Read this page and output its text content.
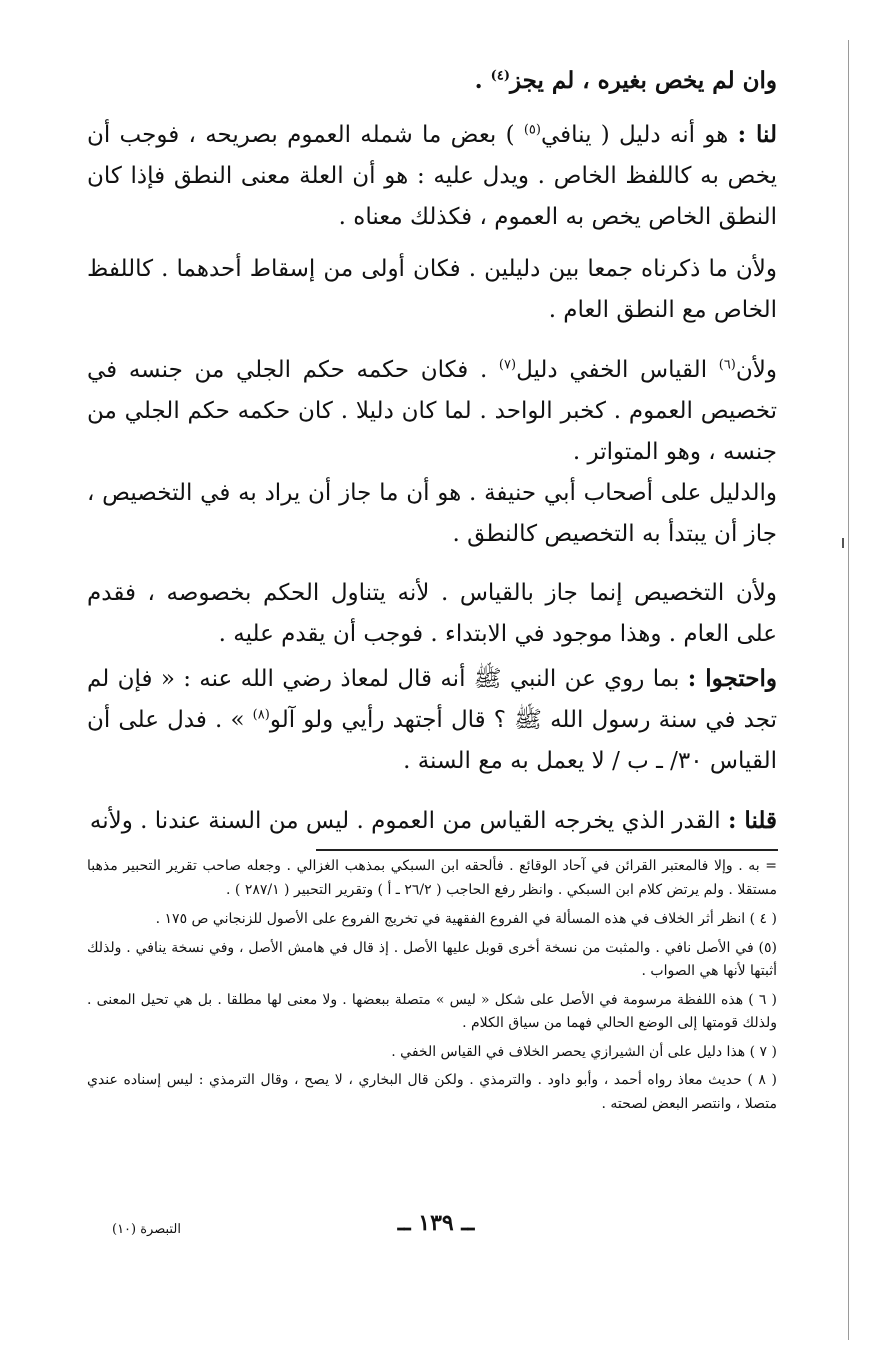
وان لم يخص بغيره ، لم يجز$^{(٤)}$ .

لنا : هو أنه دليل ( ينافي$^{(٥)}$ ) بعض ما شمله العموم بصريحه ، فوجب أن يخص به كاللفظ الخاص . ويدل عليه : هو أن العلة معنى النطق فإذا كان النطق الخاص يخص به العموم ، فكذلك معناه .

ولأن ما ذكرناه جمعا بين دليلين . فكان أولى من إسقاط أحدهما . كاللفظ الخاص مع النطق العام .

ولأن$^{(٦)}$ القياس الخفي دليل$^{(٧)}$ . فكان حكمه حكم الجلي من جنسه في تخصيص العموم . كخبر الواحد . لما كان دليلا . كان حكمه حكم الجلي من جنسه ، وهو المتواتر .

والدليل على أصحاب أبي حنيفة . هو أن ما جاز أن يراد به في التخصيص ، جاز أن يبتدأ به التخصيص كالنطق .

ولأن التخصيص إنما جاز بالقياس . لأنه يتناول الحكم بخصوصه ، فقدم على العام . وهذا موجود في الابتداء . فوجب أن يقدم عليه .

واحتجوا : بما روي عن النبي ﷺ أنه قال لمعاذ رضي الله عنه : « فإن لم تجد في سنة رسول الله ﷺ ؟ قال أجتهد رأيي ولو آلو$^{(٨)}$ » . فدل على أن القياس ٣٠/ ـ ب / لا يعمل به مع السنة .

قلنا : القدر الذي يخرجه القياس من العموم . ليس من السنة عندنا . ولأنه

= به . وإلا فالمعتبر القرائن في آحاد الوقائع . فألحقه ابن السبكي بمذهب الغزالي . وجعله صاحب تقرير التحبير مذهبا مستقلا . ولم يرتض كلام ابن السبكي . وانظر رفع الحاجب ( ٢٦/٢ ـ أ ) وتقرير التحبير ( ٢٨٧/١ ) .

( ٤ ) انظر أثر الخلاف في هذه المسألة في الفروع الفقهية في تخريج الفروع على الأصول للزنجاني ص ١٧٥ .

(٥) في الأصل نافي . والمثبت من نسخة أخرى قوبل عليها الأصل . إذ قال في هامش الأصل ، وفي نسخة ينافي . ولذلك أثبتها لأنها هي الصواب .

( ٦ ) هذه اللفظة مرسومة في الأصل على شكل « ليس » متصلة ببعضها . ولا معنى لها مطلقا . بل هي تحيل المعنى . ولذلك قومتها إلى الوضع الحالي فهما من سياق الكلام .

( ٧ ) هذا دليل على أن الشيرازي يحصر الخلاف في القياس الخفي .

( ٨ ) حديث معاذ رواه أحمد ، وأبو داود . والترمذي . ولكن قال البخاري ، لا يصح ، وقال الترمذي : ليس إسناده عندي متصلا ، وانتصر البعض لصحته .

ــ ١٣٩ ــ
التبصرة (١٠)
